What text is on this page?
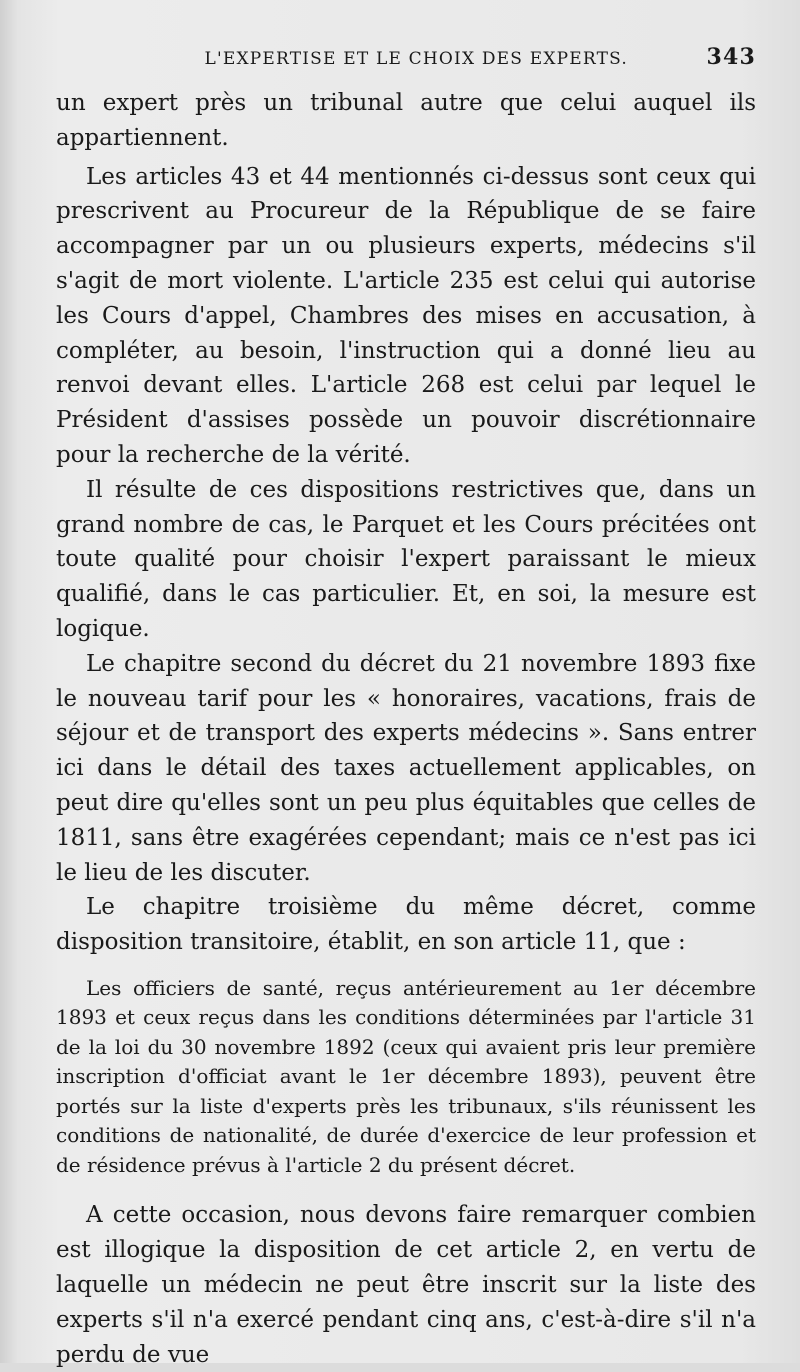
L'EXPERTISE ET LE CHOIX DES EXPERTS.	343

un expert près un tribunal autre que celui auquel ils appartiennent.

Les articles 43 et 44 mentionnés ci-dessus sont ceux qui prescrivent au Procureur de la République de se faire accompagner par un ou plusieurs experts, médecins s'il s'agit de mort violente. L'article 235 est celui qui autorise les Cours d'appel, Chambres des mises en accusation, à compléter, au besoin, l'instruction qui a donné lieu au renvoi devant elles. L'article 268 est celui par lequel le Président d'assises possède un pouvoir discrétionnaire pour la recherche de la vérité.

Il résulte de ces dispositions restrictives que, dans un grand nombre de cas, le Parquet et les Cours précitées ont toute qualité pour choisir l'expert paraissant le mieux qualifié, dans le cas particulier. Et, en soi, la mesure est logique.

Le chapitre second du décret du 21 novembre 1893 fixe le nouveau tarif pour les « honoraires, vacations, frais de séjour et de transport des experts médecins ». Sans entrer ici dans le détail des taxes actuellement applicables, on peut dire qu'elles sont un peu plus équitables que celles de 1811, sans être exagérées cependant; mais ce n'est pas ici le lieu de les discuter.

Le chapitre troisième du même décret, comme disposition transitoire, établit, en son article 11, que :

Les officiers de santé, reçus antérieurement au 1er décembre 1893 et ceux reçus dans les conditions déterminées par l'article 31 de la loi du 30 novembre 1892 (ceux qui avaient pris leur première inscription d'officiat avant le 1er décembre 1893), peuvent être portés sur la liste d'experts près les tribunaux, s'ils réunissent les conditions de nationalité, de durée d'exercice de leur profession et de résidence prévus à l'article 2 du présent décret.

A cette occasion, nous devons faire remarquer combien est illogique la disposition de cet article 2, en vertu de laquelle un médecin ne peut être inscrit sur la liste des experts s'il n'a exercé pendant cinq ans, c'est-à-dire s'il n'a perdu de vue
